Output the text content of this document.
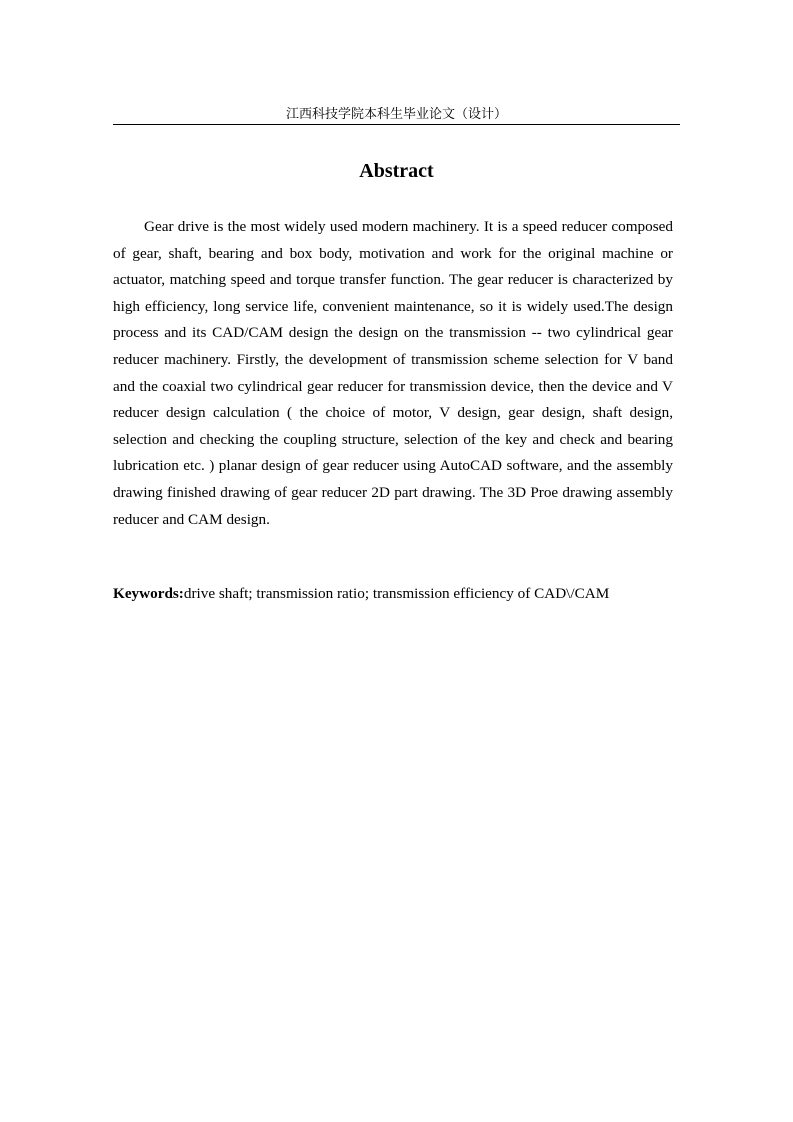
江西科技学院本科生毕业论文（设计）
Abstract

Gear drive is the most widely used modern machinery. It is a speed reducer composed of gear, shaft, bearing and box body, motivation and work for the original machine or actuator, matching speed and torque transfer function. The gear reducer is characterized by high efficiency, long service life, convenient maintenance, so it is widely used.The design process and its CAD/CAM design the design on the transmission -- two cylindrical gear reducer machinery. Firstly, the development of transmission scheme selection for V band and the coaxial two cylindrical gear reducer for transmission device, then the device and V reducer design calculation ( the choice of motor, V design, gear design, shaft design, selection and checking the coupling structure, selection of the key and check and bearing lubrication etc. ) planar design of gear reducer using AutoCAD software, and the assembly drawing finished drawing of gear reducer 2D part drawing. The 3D Proe drawing assembly reducer and CAM design.

Keywords:drive shaft; transmission ratio; transmission efficiency of CAD\/CAM
